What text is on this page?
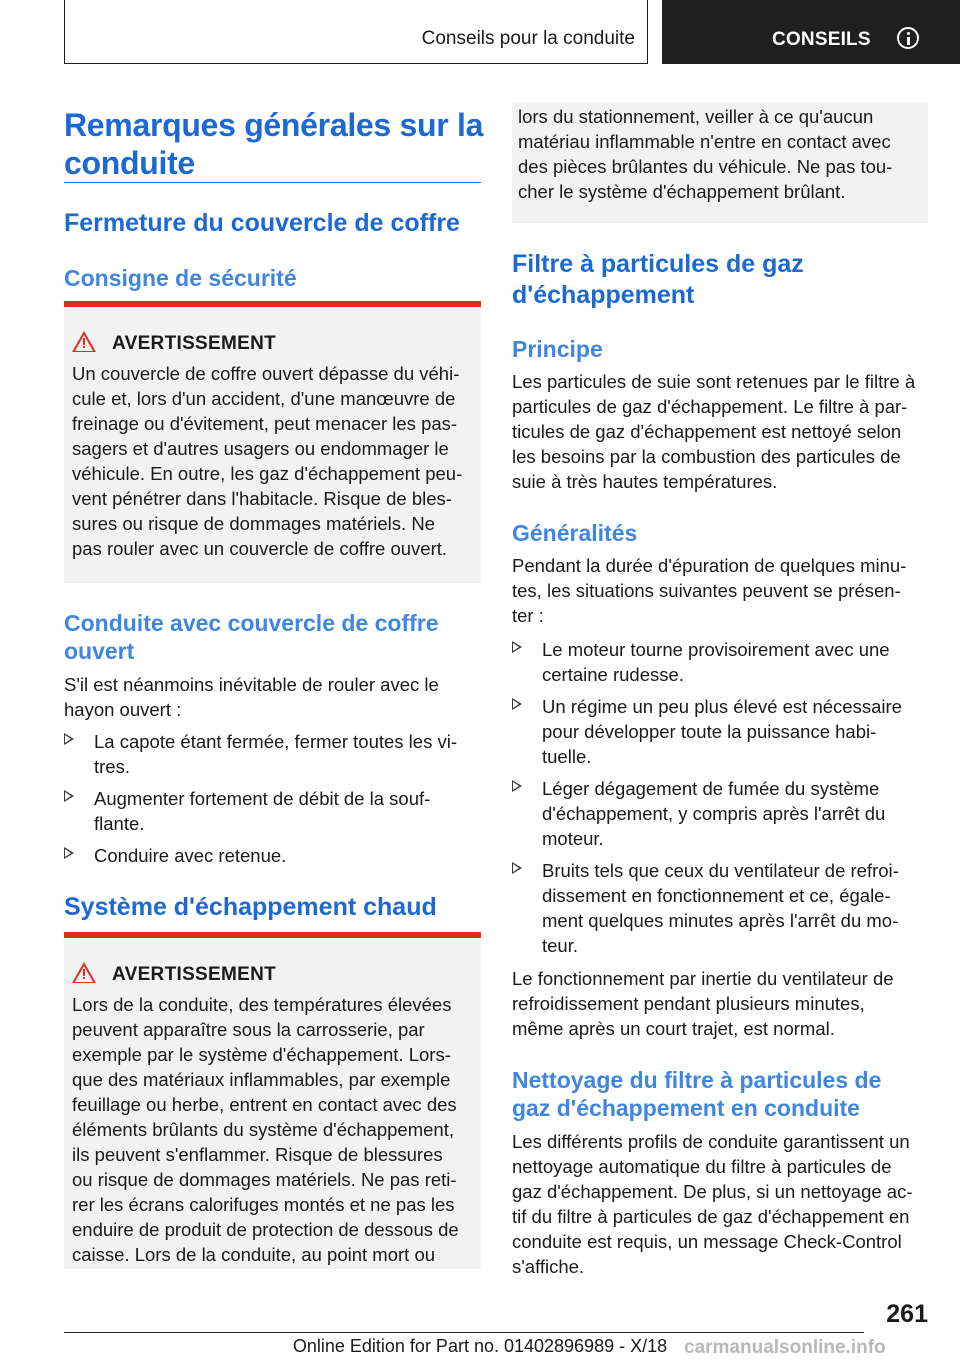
Conseils pour la conduite	CONSEILS
Remarques générales sur la
conduite
Fermeture du couvercle de coffre
Consigne de sécurité
AVERTISSEMENT
Un couvercle de coffre ouvert dépasse du véhi-
cule et, lors d'un accident, d'une manœuvre de
freinage ou d'évitement, peut menacer les pas-
sagers et d'autres usagers ou endommager le
véhicule. En outre, les gaz d'échappement peu-
vent pénétrer dans l'habitacle. Risque de bles-
sures ou risque de dommages matériels. Ne
pas rouler avec un couvercle de coffre ouvert.
Conduite avec couvercle de coffre
ouvert
S'il est néanmoins inévitable de rouler avec le
hayon ouvert :
La capote étant fermée, fermer toutes les vi-
tres.
Augmenter fortement de débit de la souf-
flante.
Conduire avec retenue.
Système d'échappement chaud
AVERTISSEMENT
Lors de la conduite, des températures élevées
peuvent apparaître sous la carrosserie, par
exemple par le système d'échappement. Lors-
que des matériaux inflammables, par exemple
feuillage ou herbe, entrent en contact avec des
éléments brûlants du système d'échappement,
ils peuvent s'enflammer. Risque de blessures
ou risque de dommages matériels. Ne pas reti-
rer les écrans calorifuges montés et ne pas les
enduire de produit de protection de dessous de
caisse. Lors de la conduite, au point mort ou
lors du stationnement, veiller à ce qu'aucun
matériau inflammable n'entre en contact avec
des pièces brûlantes du véhicule. Ne pas tou-
cher le système d'échappement brûlant.
Filtre à particules de gaz
d'échappement
Principe
Les particules de suie sont retenues par le filtre à
particules de gaz d'échappement. Le filtre à par-
ticules de gaz d'échappement est nettoyé selon
les besoins par la combustion des particules de
suie à très hautes températures.
Généralités
Pendant la durée d'épuration de quelques minu-
tes, les situations suivantes peuvent se présen-
ter :
Le moteur tourne provisoirement avec une
certaine rudesse.
Un régime un peu plus élevé est nécessaire
pour développer toute la puissance habi-
tuelle.
Léger dégagement de fumée du système
d'échappement, y compris après l'arrêt du
moteur.
Bruits tels que ceux du ventilateur de refroi-
dissement en fonctionnement et ce, égale-
ment quelques minutes après l'arrêt du mo-
teur.
Le fonctionnement par inertie du ventilateur de
refroidissement pendant plusieurs minutes,
même après un court trajet, est normal.
Nettoyage du filtre à particules de
gaz d'échappement en conduite
Les différents profils de conduite garantissent un
nettoyage automatique du filtre à particules de
gaz d'échappement. De plus, si un nettoyage ac-
tif du filtre à particules de gaz d'échappement en
conduite est requis, un message Check-Control
s'affiche.
261
Online Edition for Part no. 01402896989 - X/18 carmanualsonline.info
